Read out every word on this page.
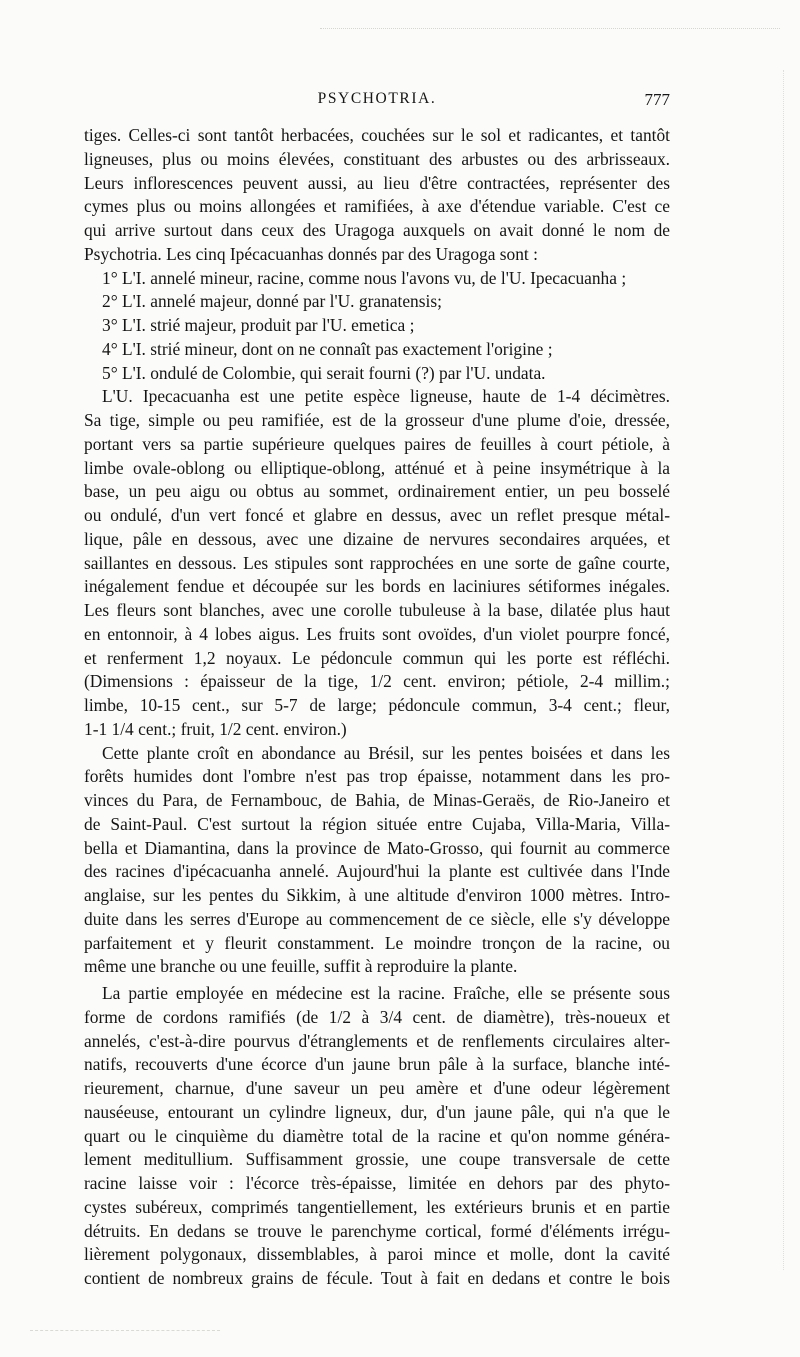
PSYCHOTRIA.	777
tiges. Celles-ci sont tantôt herbacées, couchées sur le sol et radicantes, et tantôt
ligneuses, plus ou moins élevées, constituant des arbustes ou des arbrisseaux.
Leurs inflorescences peuvent aussi, au lieu d'être contractées, représenter des
cymes plus ou moins allongées et ramifiées, à axe d'étendue variable. C'est ce
qui arrive surtout dans ceux des Uragoga auxquels on avait donné le nom de
Psychotria. Les cinq Ipécacuanhas donnés par des Uragoga sont :
1° L'I. annelé mineur, racine, comme nous l'avons vu, de l'U. Ipecacuanha ;
2° L'I. annelé majeur, donné par l'U. granatensis;
3° L'I. strié majeur, produit par l'U. emetica ;
4° L'I. strié mineur, dont on ne connaît pas exactement l'origine ;
5° L'I. ondulé de Colombie, qui serait fourni (?) par l'U. undata.
L'U. Ipecacuanha est une petite espèce ligneuse, haute de 1-4 décimètres.
Sa tige, simple ou peu ramifiée, est de la grosseur d'une plume d'oie, dressée,
portant vers sa partie supérieure quelques paires de feuilles à court pétiole, à
limbe ovale-oblong ou elliptique-oblong, atténué et à peine insymétrique à la
base, un peu aigu ou obtus au sommet, ordinairement entier, un peu bosselé
ou ondulé, d'un vert foncé et glabre en dessus, avec un reflet presque métal-
lique, pâle en dessous, avec une dizaine de nervures secondaires arquées, et
saillantes en dessous. Les stipules sont rapprochées en une sorte de gaîne courte,
inégalement fendue et découpée sur les bords en laciniures sétiformes inégales.
Les fleurs sont blanches, avec une corolle tubuleuse à la base, dilatée plus haut
en entonnoir, à 4 lobes aigus. Les fruits sont ovoïdes, d'un violet pourpre foncé,
et renferment 1,2 noyaux. Le pédoncule commun qui les porte est réfléchi.
(Dimensions : épaisseur de la tige, 1/2 cent. environ; pétiole, 2-4 millim.;
limbe, 10-15 cent., sur 5-7 de large; pédoncule commun, 3-4 cent.; fleur,
1-1 1/4 cent.; fruit, 1/2 cent. environ.)
Cette plante croît en abondance au Brésil, sur les pentes boisées et dans les
forêts humides dont l'ombre n'est pas trop épaisse, notamment dans les pro-
vinces du Para, de Fernambouc, de Bahia, de Minas-Geraës, de Rio-Janeiro et
de Saint-Paul. C'est surtout la région située entre Cujaba, Villa-Maria, Villa-
bella et Diamantina, dans la province de Mato-Grosso, qui fournit au commerce
des racines d'ipécacuanha annelé. Aujourd'hui la plante est cultivée dans l'Inde
anglaise, sur les pentes du Sikkim, à une altitude d'environ 1000 mètres. Intro-
duite dans les serres d'Europe au commencement de ce siècle, elle s'y développe
parfaitement et y fleurit constamment. Le moindre tronçon de la racine, ou
même une branche ou une feuille, suffit à reproduire la plante.
La partie employée en médecine est la racine. Fraîche, elle se présente sous
forme de cordons ramifiés (de 1/2 à 3/4 cent. de diamètre), très-noueux et
annelés, c'est-à-dire pourvus d'étranglements et de renflements circulaires alter-
natifs, recouverts d'une écorce d'un jaune brun pâle à la surface, blanche inté-
rieurement, charnue, d'une saveur un peu amère et d'une odeur légèrement
nauséeuse, entourant un cylindre ligneux, dur, d'un jaune pâle, qui n'a que le
quart ou le cinquième du diamètre total de la racine et qu'on nomme généra-
lement meditullium. Suffisamment grossie, une coupe transversale de cette
racine laisse voir : l'écorce très-épaisse, limitée en dehors par des phyto-
cystes subéreux, comprimés tangentiellement, les extérieurs brunis et en partie
détruits. En dedans se trouve le parenchyme cortical, formé d'éléments irrégu-
lièrement polygonaux, dissemblables, à paroi mince et molle, dont la cavité
contient de nombreux grains de fécule. Tout à fait en dedans et contre le bois
